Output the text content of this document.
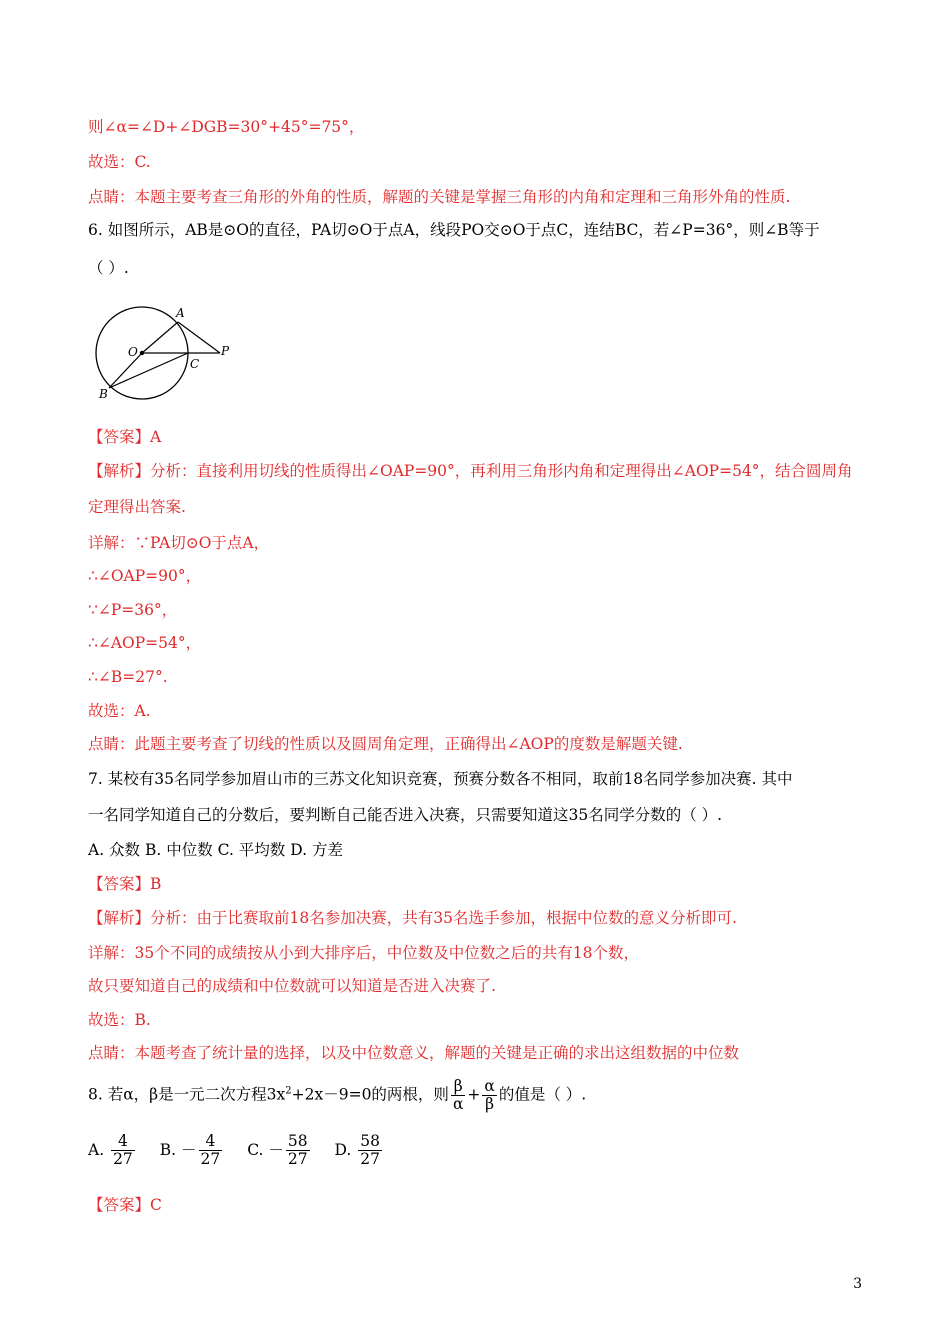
则∠α=∠D+∠DGB=30°+45°=75°，
故选：C.
点睛：本题主要考查三角形的外角的性质，解题的关键是掌握三角形的内角和定理和三角形外角的性质.
6. 如图所示，AB是⊙O的直径，PA切⊙O于点A，线段PO交⊙O于点C，连结BC，若∠P=36°，则∠B等于
（ ）.
A
O
C
P
B
【答案】A
【解析】分析：直接利用切线的性质得出∠OAP=90°，再利用三角形内角和定理得出∠AOP=54°，结合圆周角
定理得出答案.
详解：∵PA切⊙O于点A，
∴∠OAP=90°，
∵∠P=36°，
∴∠AOP=54°，
∴∠B=27°.
故选：A.
点睛：此题主要考查了切线的性质以及圆周角定理，正确得出∠AOP的度数是解题关键.
7. 某校有35名同学参加眉山市的三苏文化知识竞赛，预赛分数各不相同，取前18名同学参加决赛. 其中
一名同学知道自己的分数后，要判断自己能否进入决赛，只需要知道这35名同学分数的（ ）.
A. 众数 B. 中位数 C. 平均数 D. 方差
【答案】B
【解析】分析：由于比赛取前18名参加决赛，共有35名选手参加，根据中位数的意义分析即可.
详解：35个不同的成绩按从小到大排序后，中位数及中位数之后的共有18个数，
故只要知道自己的成绩和中位数就可以知道是否进入决赛了.
故选：B.
点睛：本题考查了统计量的选择，以及中位数意义，解题的关键是正确的求出这组数据的中位数
8. 若α，β是一元二次方程$3x^2+2x-9=0$的两根，则 $\frac{\beta}{\alpha} + \frac{\alpha}{\beta}$ 的值是（ ）.
A. $\frac{4}{27} B$. － $\frac{4}{27} C$. － $\frac{58}{27} D$. $\frac{58}{27}$
【答案】C
3
